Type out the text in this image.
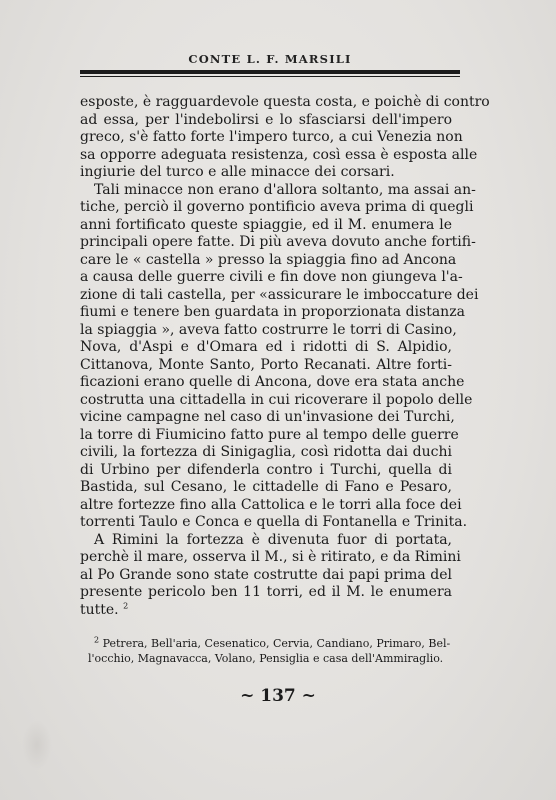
CONTE L. F. MARSILI
esposte, è ragguardevole questa costa, e poichè di contro
ad essa, per l'indebolirsi e lo sfasciarsi dell'impero
greco, s'è fatto forte l'impero turco, a cui Venezia non
sa opporre adeguata resistenza, così essa è esposta alle
ingiurie del turco e alle minacce dei corsari.
Tali minacce non erano d'allora soltanto, ma assai an-
tiche, perciò il governo pontificio aveva prima di quegli
anni fortificato queste spiaggie, ed il M. enumera le
principali opere fatte. Di più aveva dovuto anche fortifi-
care le « castella » presso la spiaggia fino ad Ancona
a causa delle guerre civili e fin dove non giungeva l'a-
zione di tali castella, per «assicurare le imboccature dei
fiumi e tenere ben guardata in proporzionata distanza
la spiaggia », aveva fatto costrurre le torri di Casino,
Nova, d'Aspi e d'Omara ed i ridotti di S. Alpidio,
Cittanova, Monte Santo, Porto Recanati. Altre forti-
ficazioni erano quelle di Ancona, dove era stata anche
costrutta una cittadella in cui ricoverare il popolo delle
vicine campagne nel caso di un'invasione dei Turchi,
la torre di Fiumicino fatto pure al tempo delle guerre
civili, la fortezza di Sinigaglia, così ridotta dai duchi
di Urbino per difenderla contro i Turchi, quella di
Bastida, sul Cesano, le cittadelle di Fano e Pesaro,
altre fortezze fino alla Cattolica e le torri alla foce dei
torrenti Taulo e Conca e quella di Fontanella e Trinita.
A Rimini la fortezza è divenuta fuor di portata,
perchè il mare, osserva il M., si è ritirato, e da Rimini
al Po Grande sono state costrutte dai papi prima del
presente pericolo ben 11 torri, ed il M. le enumera
tutte. $^2$
$^2$ Petrera, Bell'aria, Cesenatico, Cervia, Candiano, Primaro, Bel-
l'occhio, Magnavacca, Volano, Pensiglia e casa dell'Ammiraglio.
~ 137 ~
